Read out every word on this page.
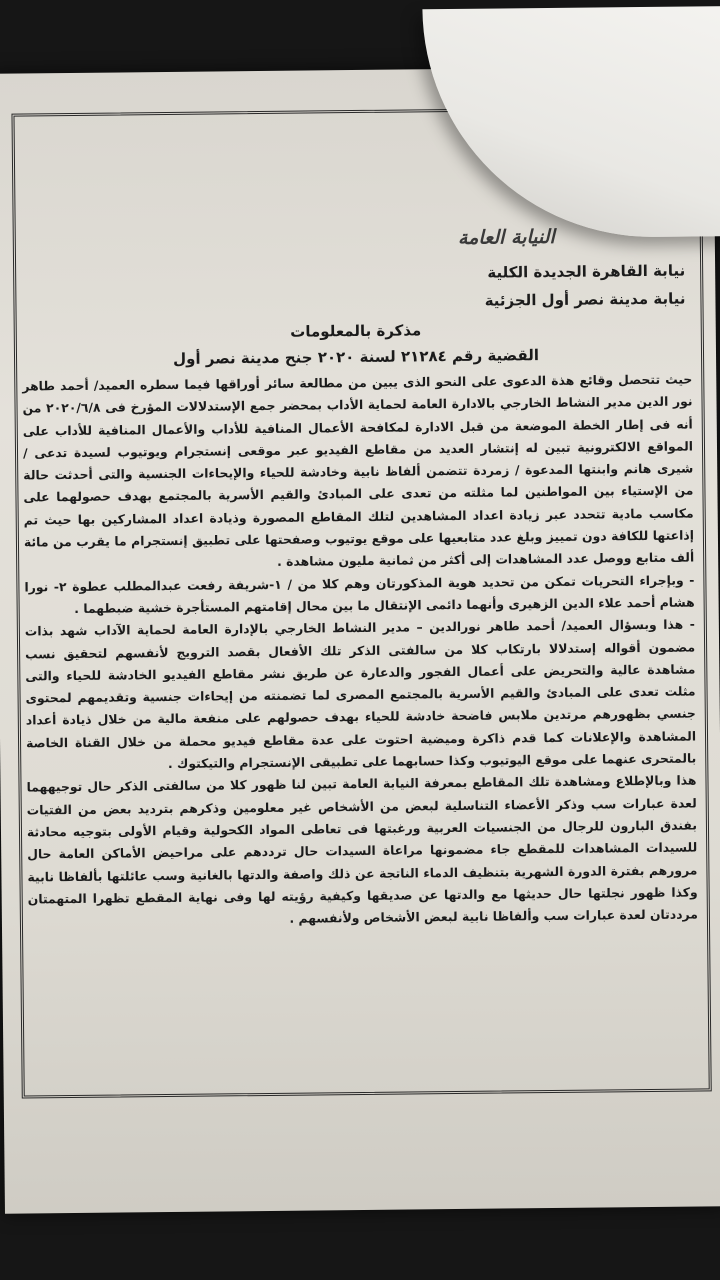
النيابة العامة
نيابة القاهرة الجديدة الكلية
نيابة مدينة نصر أول الجزئية
مذكرة بالمعلومات
القضية رقم ٢١٢٨٤ لسنة ٢٠٢٠ جنح مدينة نصر أول

حيث تتحصل وقائع هذة الدعوى على النحو الذى يبين من مطالعة سائر أوراقها فيما سطره العميد/ أحمد طاهر نور الدين مدير النشاط الخارجي بالادارة العامة لحماية الأداب بمحضر جمع الإستدلالات المؤرخ فى ٢٠٢٠/٦/٨ من أنه فى إطار الخطة الموضعة من قبل الادارة لمكافحة الأعمال المنافية للأداب والأعمال المنافية للأداب على المواقع الالكترونية تبين له إنتشار العديد من مقاطع الفيديو عبر موقعى إنستجرام ويوتيوب لسيدة تدعى / شيرى هانم وابنتها المدعوة / زمردة تتضمن ألفاظ نابية وخادشة للحياء والإيحاءات الجنسية والتى أحدثت حالة من الإستياء بين المواطنين لما مثلته من تعدى على المبادئ والقيم الأسرية بالمجتمع بهدف حصولهما على مكاسب مادية تتحدد عبر زيادة اعداد المشاهدين لتلك المقاطع المصورة وذيادة اعداد المشاركين بها حيث تم إذاعتها للكافة دون تمييز وبلغ عدد متابعيها على موقع يوتيوب وصفحتها على تطبيق إنستجرام ما يقرب من مائة ألف متابع ووصل عدد المشاهدات إلى أكثر من ثمانية مليون مشاهدة .

- وبإجراء التحريات تمكن من تحديد هوية المذكورتان وهم كلا من / ١-شريفة رفعت عبدالمطلب عطوة ٢- نورا هشام أحمد علاء الدين الزهيرى وأنهما دائمى الإنتقال ما بين محال إقامتهم المستأجرة خشية ضبطهما .

- هذا وبسؤال العميد/ أحمد طاهر نورالدين – مدير النشاط الخارجي بالإدارة العامة لحماية الآداب شهد بذات مضمون أقواله إستدلالا بارتكاب كلا من سالفتى الذكر تلك الأفعال بقصد الترويج لأنفسهم لتحقيق نسب مشاهدة عالية والتحريض على أعمال الفجور والدعارة عن طريق نشر مقاطع الفيديو الخادشة للحياء والتى مثلت تعدى على المبادئ والقيم الأسرية بالمجتمع المصرى لما تضمنته من إيحاءات جنسية وتقديمهم لمحتوى جنسي بظهورهم مرتدين ملابس فاضحة خادشة للحياء بهدف حصولهم على منفعة مالية من خلال ذيادة أعداد المشاهدة والإعلانات كما قدم ذاكرة وميضية احتوت على عدة مقاطع فيديو محملة من خلال القناة الخاصة بالمتحرى عنهما على موقع اليوتيوب وكذا حسابهما على تطبيقى الإنستجرام والتيكتوك .

هذا وبالإطلاع ومشاهدة تلك المقاطع بمعرفة النيابة العامة تبين لنا ظهور كلا من سالفتى الذكر حال توجيههما لعدة عبارات سب وذكر الأعضاء التناسلية لبعض من الأشخاص غير معلومين وذكرهم بترديد بعض من الفتيات بفندق البارون للرجال من الجنسيات العربية ورغبتها فى تعاطى المواد الكحولية وقيام الأولى بتوجيه محادثة للسيدات المشاهدات للمقطع جاء مضمونها مراعاة السيدات حال ترددهم على مراحيض الأماكن العامة حال مرورهم بفترة الدورة الشهرية بتنظيف الدماء الناتجة عن ذلك واصفة والدتها بالغانية وسب عائلتها بألفاظا نابية وكذا ظهور نجلتها حال حديثها مع والدتها عن صديقها وكيفية رؤيته لها وفى نهاية المقطع تظهرا المتهمتان مرددتان لعدة عبارات سب وألفاظا نابية لبعض الأشخاص ولأنفسهم .
